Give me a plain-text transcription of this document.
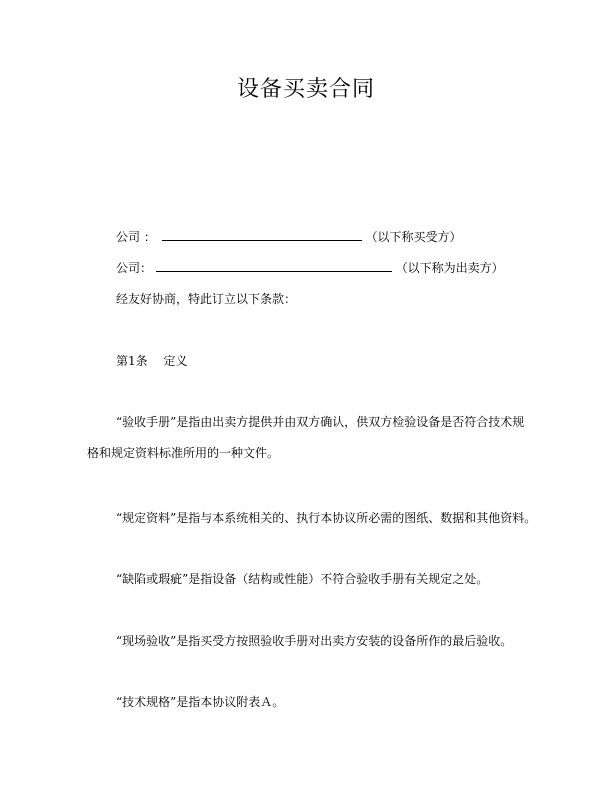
设备买卖合同
公司 ：	（以下称买受方）
公司：	（以下称为出卖方）
经友好协商，特此订立以下条款：
第1条　 定义
“验收手册”是指由出卖方提供并由双方确认，供双方检验设备是否符合技术规
格和规定资料标准所用的一种文件。
“规定资料”是指与本系统相关的、执行本协议所必需的图纸、数据和其他资料。
“缺陷或瑕疵”是指设备（结构或性能）不符合验收手册有关规定之处。
“现场验收”是指买受方按照验收手册对出卖方安装的设备所作的最后验收。
“技术规格”是指本协议附表Ａ。
